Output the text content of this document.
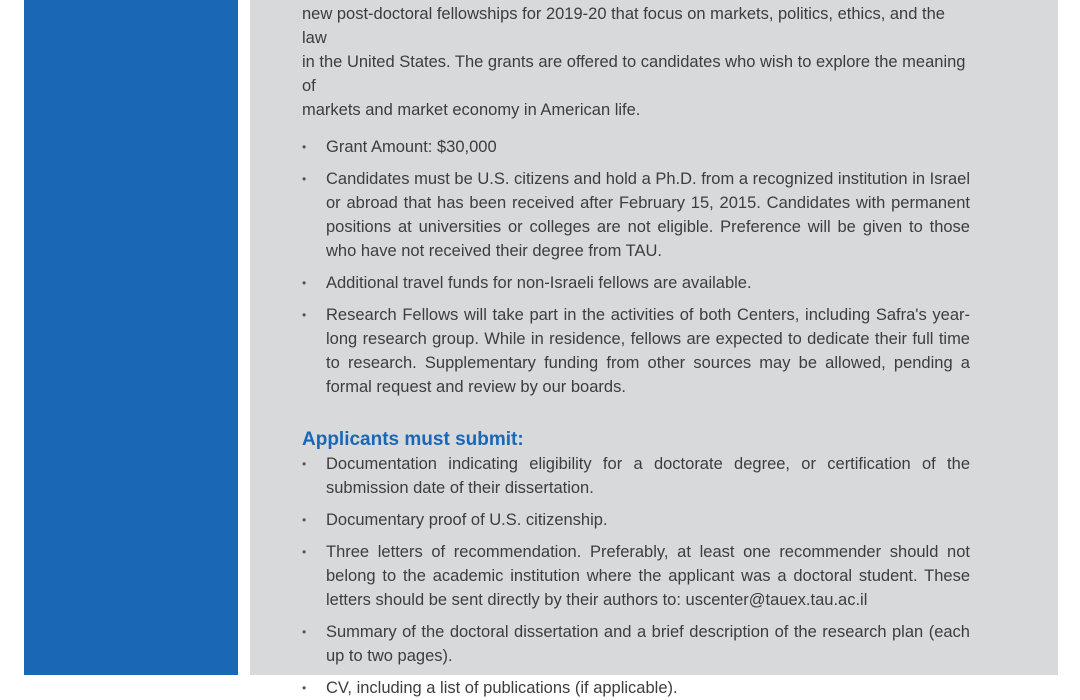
new post-doctoral fellowships for 2019-20 that focus on markets, politics, ethics, and the law
in the United States. The grants are offered to candidates who wish to explore the meaning of
markets and market economy in American life.

• Grant Amount: $30,000
• Candidates must be U.S. citizens and hold a Ph.D. from a recognized institution in Israel or abroad that has been received after February 15, 2015. Candidates with permanent positions at universities or colleges are not eligible. Preference will be given to those who have not received their degree from TAU.
• Additional travel funds for non-Israeli fellows are available.
• Research Fellows will take part in the activities of both Centers, including Safra's year-long research group. While in residence, fellows are expected to dedicate their full time to research. Supplementary funding from other sources may be allowed, pending a formal request and review by our boards.
Applicants must submit:
• Documentation indicating eligibility for a doctorate degree, or certification of the submission date of their dissertation.
• Documentary proof of U.S. citizenship.
• Three letters of recommendation. Preferably, at least one recommender should not belong to the academic institution where the applicant was a doctoral student. These letters should be sent directly by their authors to: uscenter@tauex.tau.ac.il
• Summary of the doctoral dissertation and a brief description of the research plan (each up to two pages).
• CV, including a list of publications (if applicable).
